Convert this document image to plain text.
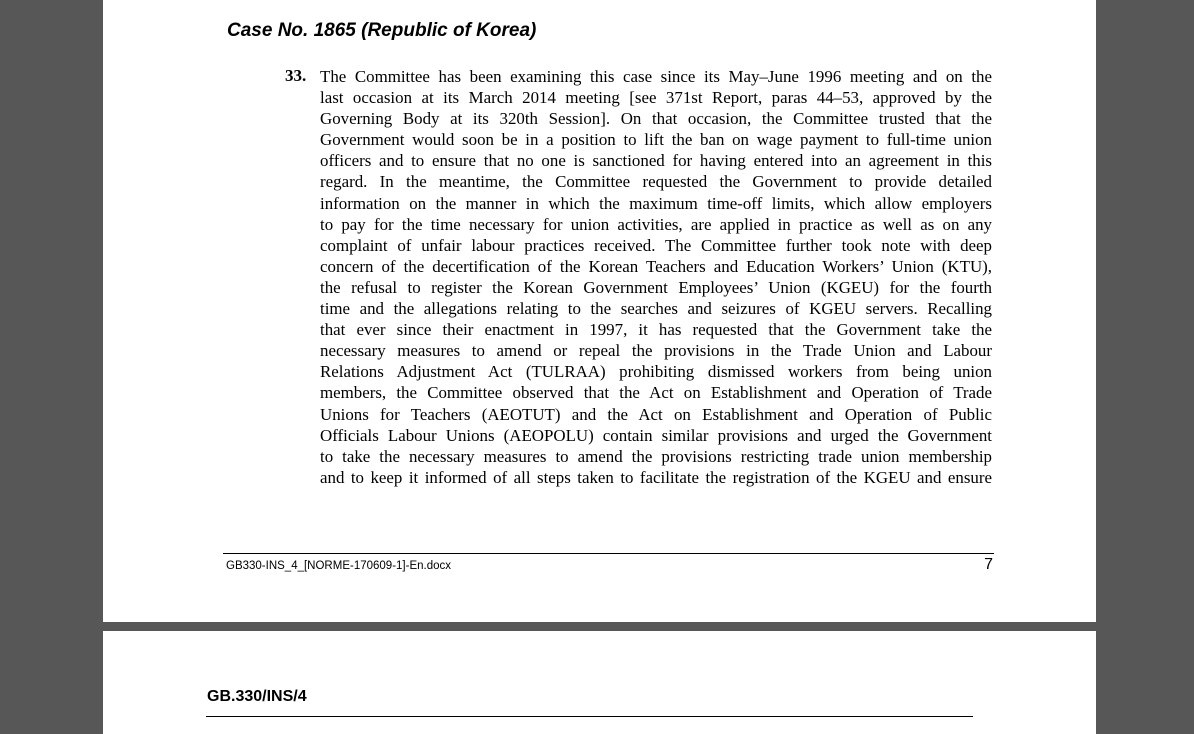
Case No. 1865 (Republic of Korea)
33. The Committee has been examining this case since its May–June 1996 meeting and on the
last occasion at its March 2014 meeting [see 371st Report, paras 44–53, approved by the
Governing Body at its 320th Session]. On that occasion, the Committee trusted that the
Government would soon be in a position to lift the ban on wage payment to full-time union
officers and to ensure that no one is sanctioned for having entered into an agreement in this
regard. In the meantime, the Committee requested the Government to provide detailed
information on the manner in which the maximum time-off limits, which allow employers
to pay for the time necessary for union activities, are applied in practice as well as on any
complaint of unfair labour practices received. The Committee further took note with deep
concern of the decertification of the Korean Teachers and Education Workers’ Union (KTU),
the refusal to register the Korean Government Employees’ Union (KGEU) for the fourth
time and the allegations relating to the searches and seizures of KGEU servers. Recalling
that ever since their enactment in 1997, it has requested that the Government take the
necessary measures to amend or repeal the provisions in the Trade Union and Labour
Relations Adjustment Act (TULRAA) prohibiting dismissed workers from being union
members, the Committee observed that the Act on Establishment and Operation of Trade
Unions for Teachers (AEOTUT) and the Act on Establishment and Operation of Public
Officials Labour Unions (AEOPOLU) contain similar provisions and urged the Government
to take the necessary measures to amend the provisions restricting trade union membership
and to keep it informed of all steps taken to facilitate the registration of the KGEU and ensure
GB330-INS_4_[NORME-170609-1]-En.docx	7
GB.330/INS/4
